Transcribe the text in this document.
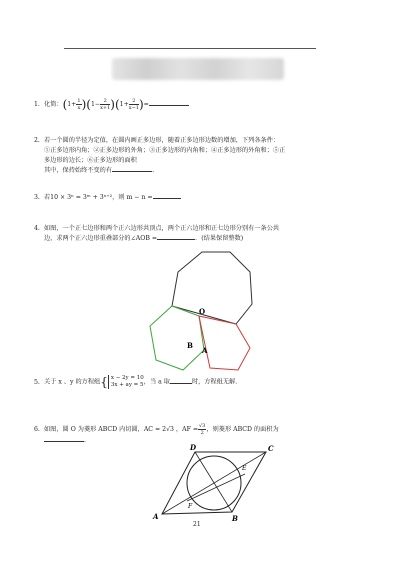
1. 化简：$(1+ \frac{1}{x} )(1- \frac{2}{x+1} )(1+ \frac{2}{x-1}$ )=
2. 若一个圆的半径为定值，在圆内画正多边形，随着正多边形边数的增加，下列各条件：
①正多边形内角；②正多边形的外角；③正多边形的内角和；④正多边形的外角和；⑤正
多边形的边长；⑥正多边形的面积
其中，保持始终不变的有	.
3. 若10 × 3ⁿ = 3ᵐ + 3ⁿ⁺²，则 m − n =
4. 如图，一个正七边形和两个正六边形共顶点，两个正六边形和正七边形分别有一条公共
边，求两个正六边形重叠部分的∠AOB =	．(结果保留整数)
O
B
A
5. 关于 x 、y 的方程组{ x − 2y = 10
3x + ay = 5 ，当 a 取	时，方程组无解.
6. 如图，圆 O 为菱形 ABCD 内切圆，AC = 2√3 ，AF = $\frac{√3}{2}$ ，则菱形 ABCD 的面积为
.
D	C
E
F
A	B
21
